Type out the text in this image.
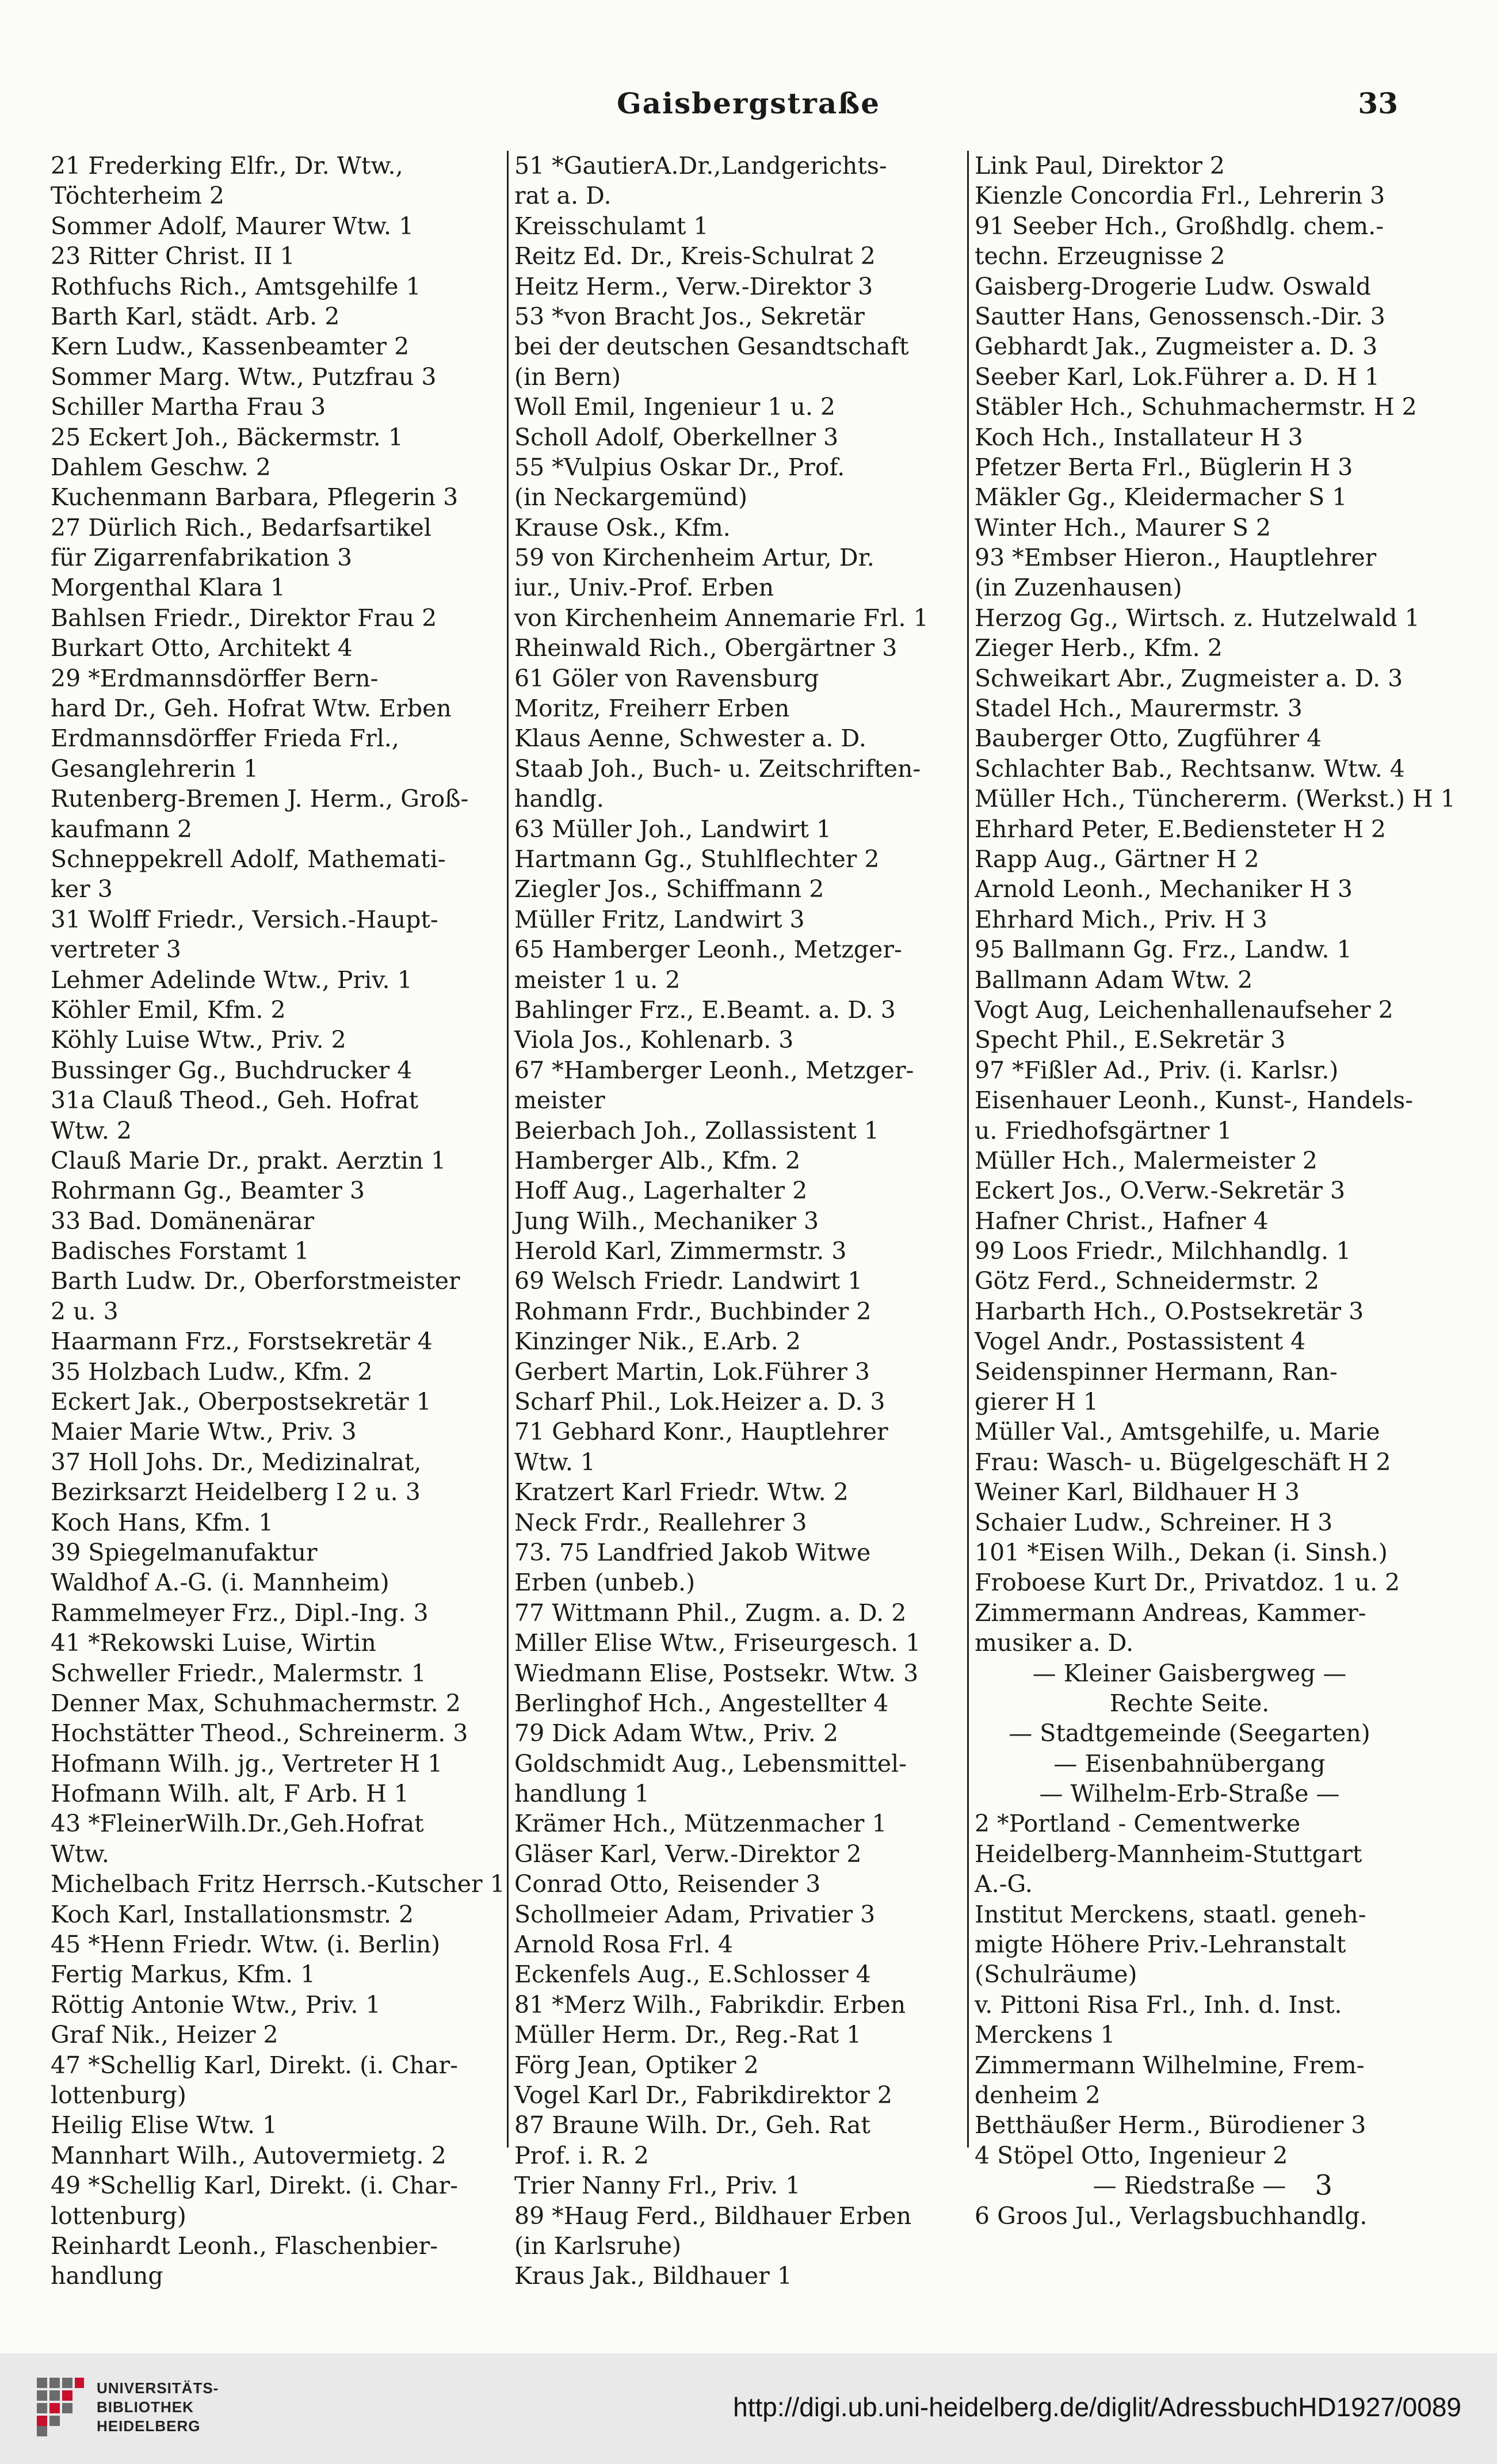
Gaisbergstraße	33
21 Frederking Elfr., Dr. Wtw.,
Töchterheim 2
Sommer Adolf, Maurer Wtw. 1
23 Ritter Christ. II 1
Rothfuchs Rich., Amtsgehilfe 1
Barth Karl, städt. Arb. 2
Kern Ludw., Kassenbeamter 2
Sommer Marg. Wtw., Putzfrau 3
Schiller Martha Frau 3
25 Eckert Joh., Bäckermstr. 1
Dahlem Geschw. 2
Kuchenmann Barbara, Pflegerin 3
27 Dürlich Rich., Bedarfsartikel
für Zigarrenfabrikation 3
Morgenthal Klara 1
Bahlsen Friedr., Direktor Frau 2
Burkart Otto, Architekt 4
29 *Erdmannsdörffer Bern-
hard Dr., Geh. Hofrat Wtw. Erben
Erdmannsdörffer Frieda Frl.,
Gesanglehrerin 1
Rutenberg-Bremen J. Herm., Groß-
kaufmann 2
Schneppekrell Adolf, Mathemati-
ker 3
31 Wolff Friedr., Versich.-Haupt-
vertreter 3
Lehmer Adelinde Wtw., Priv. 1
Köhler Emil, Kfm. 2
Köhly Luise Wtw., Priv. 2
Bussinger Gg., Buchdrucker 4
31a Clauß Theod., Geh. Hofrat
Wtw. 2
Clauß Marie Dr., prakt. Aerztin 1
Rohrmann Gg., Beamter 3
33 Bad. Domänenärar
Badisches Forstamt 1
Barth Ludw. Dr., Oberforstmeister
2 u. 3
Haarmann Frz., Forstsekretär 4
35 Holzbach Ludw., Kfm. 2
Eckert Jak., Oberpostsekretär 1
Maier Marie Wtw., Priv. 3
37 Holl Johs. Dr., Medizinalrat,
Bezirksarzt Heidelberg I 2 u. 3
Koch Hans, Kfm. 1
39 Spiegelmanufaktur
Waldhof A.-G. (i. Mannheim)
Rammelmeyer Frz., Dipl.-Ing. 3
41 *Rekowski Luise, Wirtin
Schweller Friedr., Malermstr. 1
Denner Max, Schuhmachermstr. 2
Hochstätter Theod., Schreinerm. 3
Hofmann Wilh. jg., Vertreter H 1
Hofmann Wilh. alt, F Arb. H 1
43 *FleinerWilh.Dr.,Geh.Hofrat
Wtw.
Michelbach Fritz Herrsch.-Kutscher 1
Koch Karl, Installationsmstr. 2
45 *Henn Friedr. Wtw. (i. Berlin)
Fertig Markus, Kfm. 1
Röttig Antonie Wtw., Priv. 1
Graf Nik., Heizer 2
47 *Schellig Karl, Direkt. (i. Char-
lottenburg)
Heilig Elise Wtw. 1
Mannhart Wilh., Autovermietg. 2
49 *Schellig Karl, Direkt. (i. Char-
lottenburg)
Reinhardt Leonh., Flaschenbier-
handlung
51 *GautierA.Dr.,Landgerichts-
rat a. D.
Kreisschulamt 1
Reitz Ed. Dr., Kreis-Schulrat 2
Heitz Herm., Verw.-Direktor 3
53 *von Bracht Jos., Sekretär
bei der deutschen Gesandtschaft
(in Bern)
Woll Emil, Ingenieur 1 u. 2
Scholl Adolf, Oberkellner 3
55 *Vulpius Oskar Dr., Prof.
(in Neckargemünd)
Krause Osk., Kfm.
59 von Kirchenheim Artur, Dr.
iur., Univ.-Prof. Erben
von Kirchenheim Annemarie Frl. 1
Rheinwald Rich., Obergärtner 3
61 Göler von Ravensburg
Moritz, Freiherr Erben
Klaus Aenne, Schwester a. D.
Staab Joh., Buch- u. Zeitschriften-
handlg.
63 Müller Joh., Landwirt 1
Hartmann Gg., Stuhlflechter 2
Ziegler Jos., Schiffmann 2
Müller Fritz, Landwirt 3
65 Hamberger Leonh., Metzger-
meister 1 u. 2
Bahlinger Frz., E.Beamt. a. D. 3
Viola Jos., Kohlenarb. 3
67 *Hamberger Leonh., Metzger-
meister
Beierbach Joh., Zollassistent 1
Hamberger Alb., Kfm. 2
Hoff Aug., Lagerhalter 2
Jung Wilh., Mechaniker 3
Herold Karl, Zimmermstr. 3
69 Welsch Friedr. Landwirt 1
Rohmann Frdr., Buchbinder 2
Kinzinger Nik., E.Arb. 2
Gerbert Martin, Lok.Führer 3
Scharf Phil., Lok.Heizer a. D. 3
71 Gebhard Konr., Hauptlehrer
Wtw. 1
Kratzert Karl Friedr. Wtw. 2
Neck Frdr., Reallehrer 3
73. 75 Landfried Jakob Witwe
Erben (unbeb.)
77 Wittmann Phil., Zugm. a. D. 2
Miller Elise Wtw., Friseurgesch. 1
Wiedmann Elise, Postsekr. Wtw. 3
Berlinghof Hch., Angestellter 4
79 Dick Adam Wtw., Priv. 2
Goldschmidt Aug., Lebensmittel-
handlung 1
Krämer Hch., Mützenmacher 1
Gläser Karl, Verw.-Direktor 2
Conrad Otto, Reisender 3
Schollmeier Adam, Privatier 3
Arnold Rosa Frl. 4
Eckenfels Aug., E.Schlosser 4
81 *Merz Wilh., Fabrikdir. Erben
Müller Herm. Dr., Reg.-Rat 1
Förg Jean, Optiker 2
Vogel Karl Dr., Fabrikdirektor 2
87 Braune Wilh. Dr., Geh. Rat
Prof. i. R. 2
Trier Nanny Frl., Priv. 1
89 *Haug Ferd., Bildhauer Erben
(in Karlsruhe)
Kraus Jak., Bildhauer 1
Link Paul, Direktor 2
Kienzle Concordia Frl., Lehrerin 3
91 Seeber Hch., Großhdlg. chem.-
techn. Erzeugnisse 2
Gaisberg-Drogerie Ludw. Oswald
Sautter Hans, Genossensch.-Dir. 3
Gebhardt Jak., Zugmeister a. D. 3
Seeber Karl, Lok.Führer a. D. H 1
Stäbler Hch., Schuhmachermstr. H 2
Koch Hch., Installateur H 3
Pfetzer Berta Frl., Büglerin H 3
Mäkler Gg., Kleidermacher S 1
Winter Hch., Maurer S 2
93 *Embser Hieron., Hauptlehrer
(in Zuzenhausen)
Herzog Gg., Wirtsch. z. Hutzelwald 1
Zieger Herb., Kfm. 2
Schweikart Abr., Zugmeister a. D. 3
Stadel Hch., Maurermstr. 3
Bauberger Otto, Zugführer 4
Schlachter Bab., Rechtsanw. Wtw. 4
Müller Hch., Tünchererm. (Werkst.) H 1
Ehrhard Peter, E.Bediensteter H 2
Rapp Aug., Gärtner H 2
Arnold Leonh., Mechaniker H 3
Ehrhard Mich., Priv. H 3
95 Ballmann Gg. Frz., Landw. 1
Ballmann Adam Wtw. 2
Vogt Aug, Leichenhallenaufseher 2
Specht Phil., E.Sekretär 3
97 *Fißler Ad., Priv. (i. Karlsr.)
Eisenhauer Leonh., Kunst-, Handels-
u. Friedhofsgärtner 1
Müller Hch., Malermeister 2
Eckert Jos., O.Verw.-Sekretär 3
Hafner Christ., Hafner 4
99 Loos Friedr., Milchhandlg. 1
Götz Ferd., Schneidermstr. 2
Harbarth Hch., O.Postsekretär 3
Vogel Andr., Postassistent 4
Seidenspinner Hermann, Ran-
gierer H 1
Müller Val., Amtsgehilfe, u. Marie
Frau: Wasch- u. Bügelgeschäft H 2
Weiner Karl, Bildhauer H 3
Schaier Ludw., Schreiner. H 3
101 *Eisen Wilh., Dekan (i. Sinsh.)
Froboese Kurt Dr., Privatdoz. 1 u. 2
Zimmermann Andreas, Kammer-
musiker a. D.
— Kleiner Gaisbergweg —
Rechte Seite.
— Stadtgemeinde (Seegarten)
— Eisenbahnübergang
— Wilhelm-Erb-Straße —
2 *Portland - Cementwerke
Heidelberg-Mannheim-Stuttgart
A.-G.
Institut Merckens, staatl. geneh-
migte Höhere Priv.-Lehranstalt
(Schulräume)
v. Pittoni Risa Frl., Inh. d. Inst.
Merckens 1
Zimmermann Wilhelmine, Frem-
denheim 2
Betthäußer Herm., Bürodiener 3
4 Stöpel Otto, Ingenieur 2
— Riedstraße —
6 Groos Jul., Verlagsbuchhandlg.
3
UNIVERSITÄTS-
BIBLIOTHEK
HEIDELBERG
http://digi.ub.uni-heidelberg.de/diglit/AdressbuchHD1927/0089
